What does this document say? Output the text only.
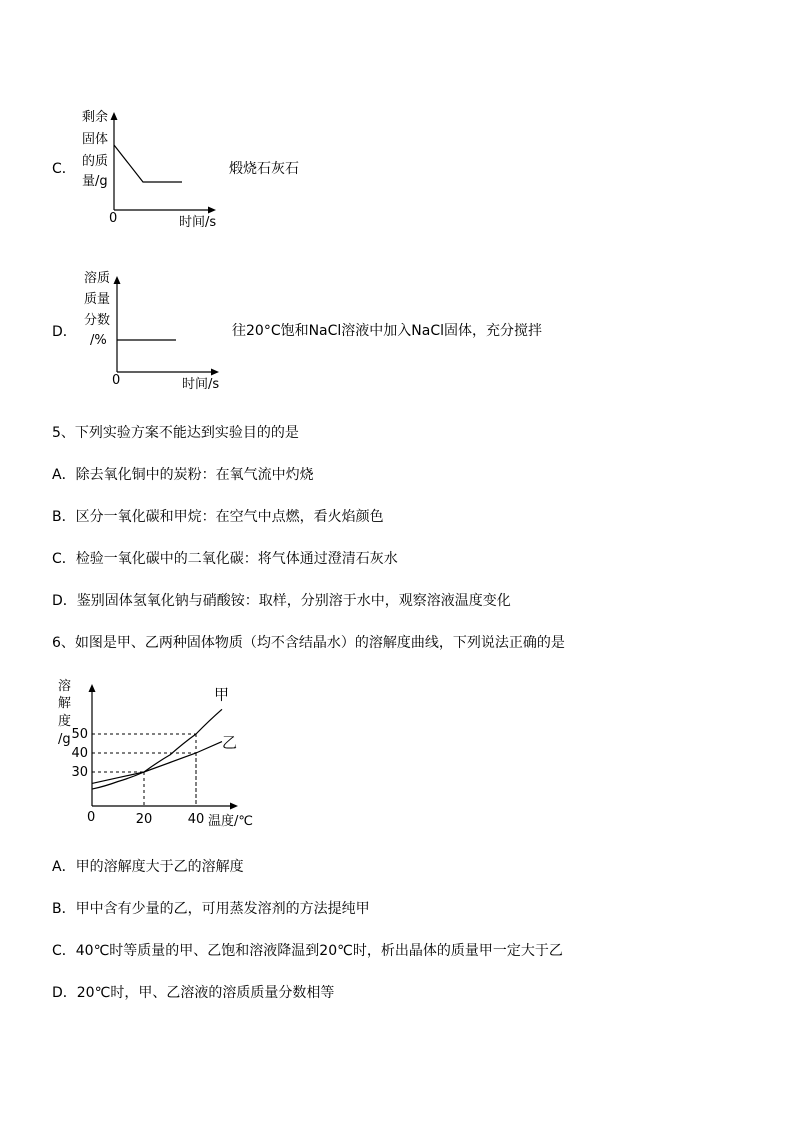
C．
剩余
固体
的质
量/g
0	时间/s
煅烧石灰石
D．
溶质
质量
分数
/%
0	时间/s
往20°C饱和NaCl溶液中加入NaCl固体，充分搅拌
5、下列实验方案不能达到实验目的的是
A．除去氧化铜中的炭粉：在氧气流中灼烧
B．区分一氧化碳和甲烷：在空气中点燃，看火焰颜色
C．检验一氧化碳中的二氧化碳：将气体通过澄清石灰水
D．鉴别固体氢氧化钠与硝酸铵：取样，分别溶于水中，观察溶液温度变化
6、如图是甲、乙两种固体物质（均不含结晶水）的溶解度曲线，下列说法正确的是
溶
解
度
/g
30
40
50
20	40
甲
乙
0	温度/℃
A．甲的溶解度大于乙的溶解度
B．甲中含有少量的乙，可用蒸发溶剂的方法提纯甲
C．40℃时等质量的甲、乙饱和溶液降温到20℃时，析出晶体的质量甲一定大于乙
D．20℃时，甲、乙溶液的溶质质量分数相等
